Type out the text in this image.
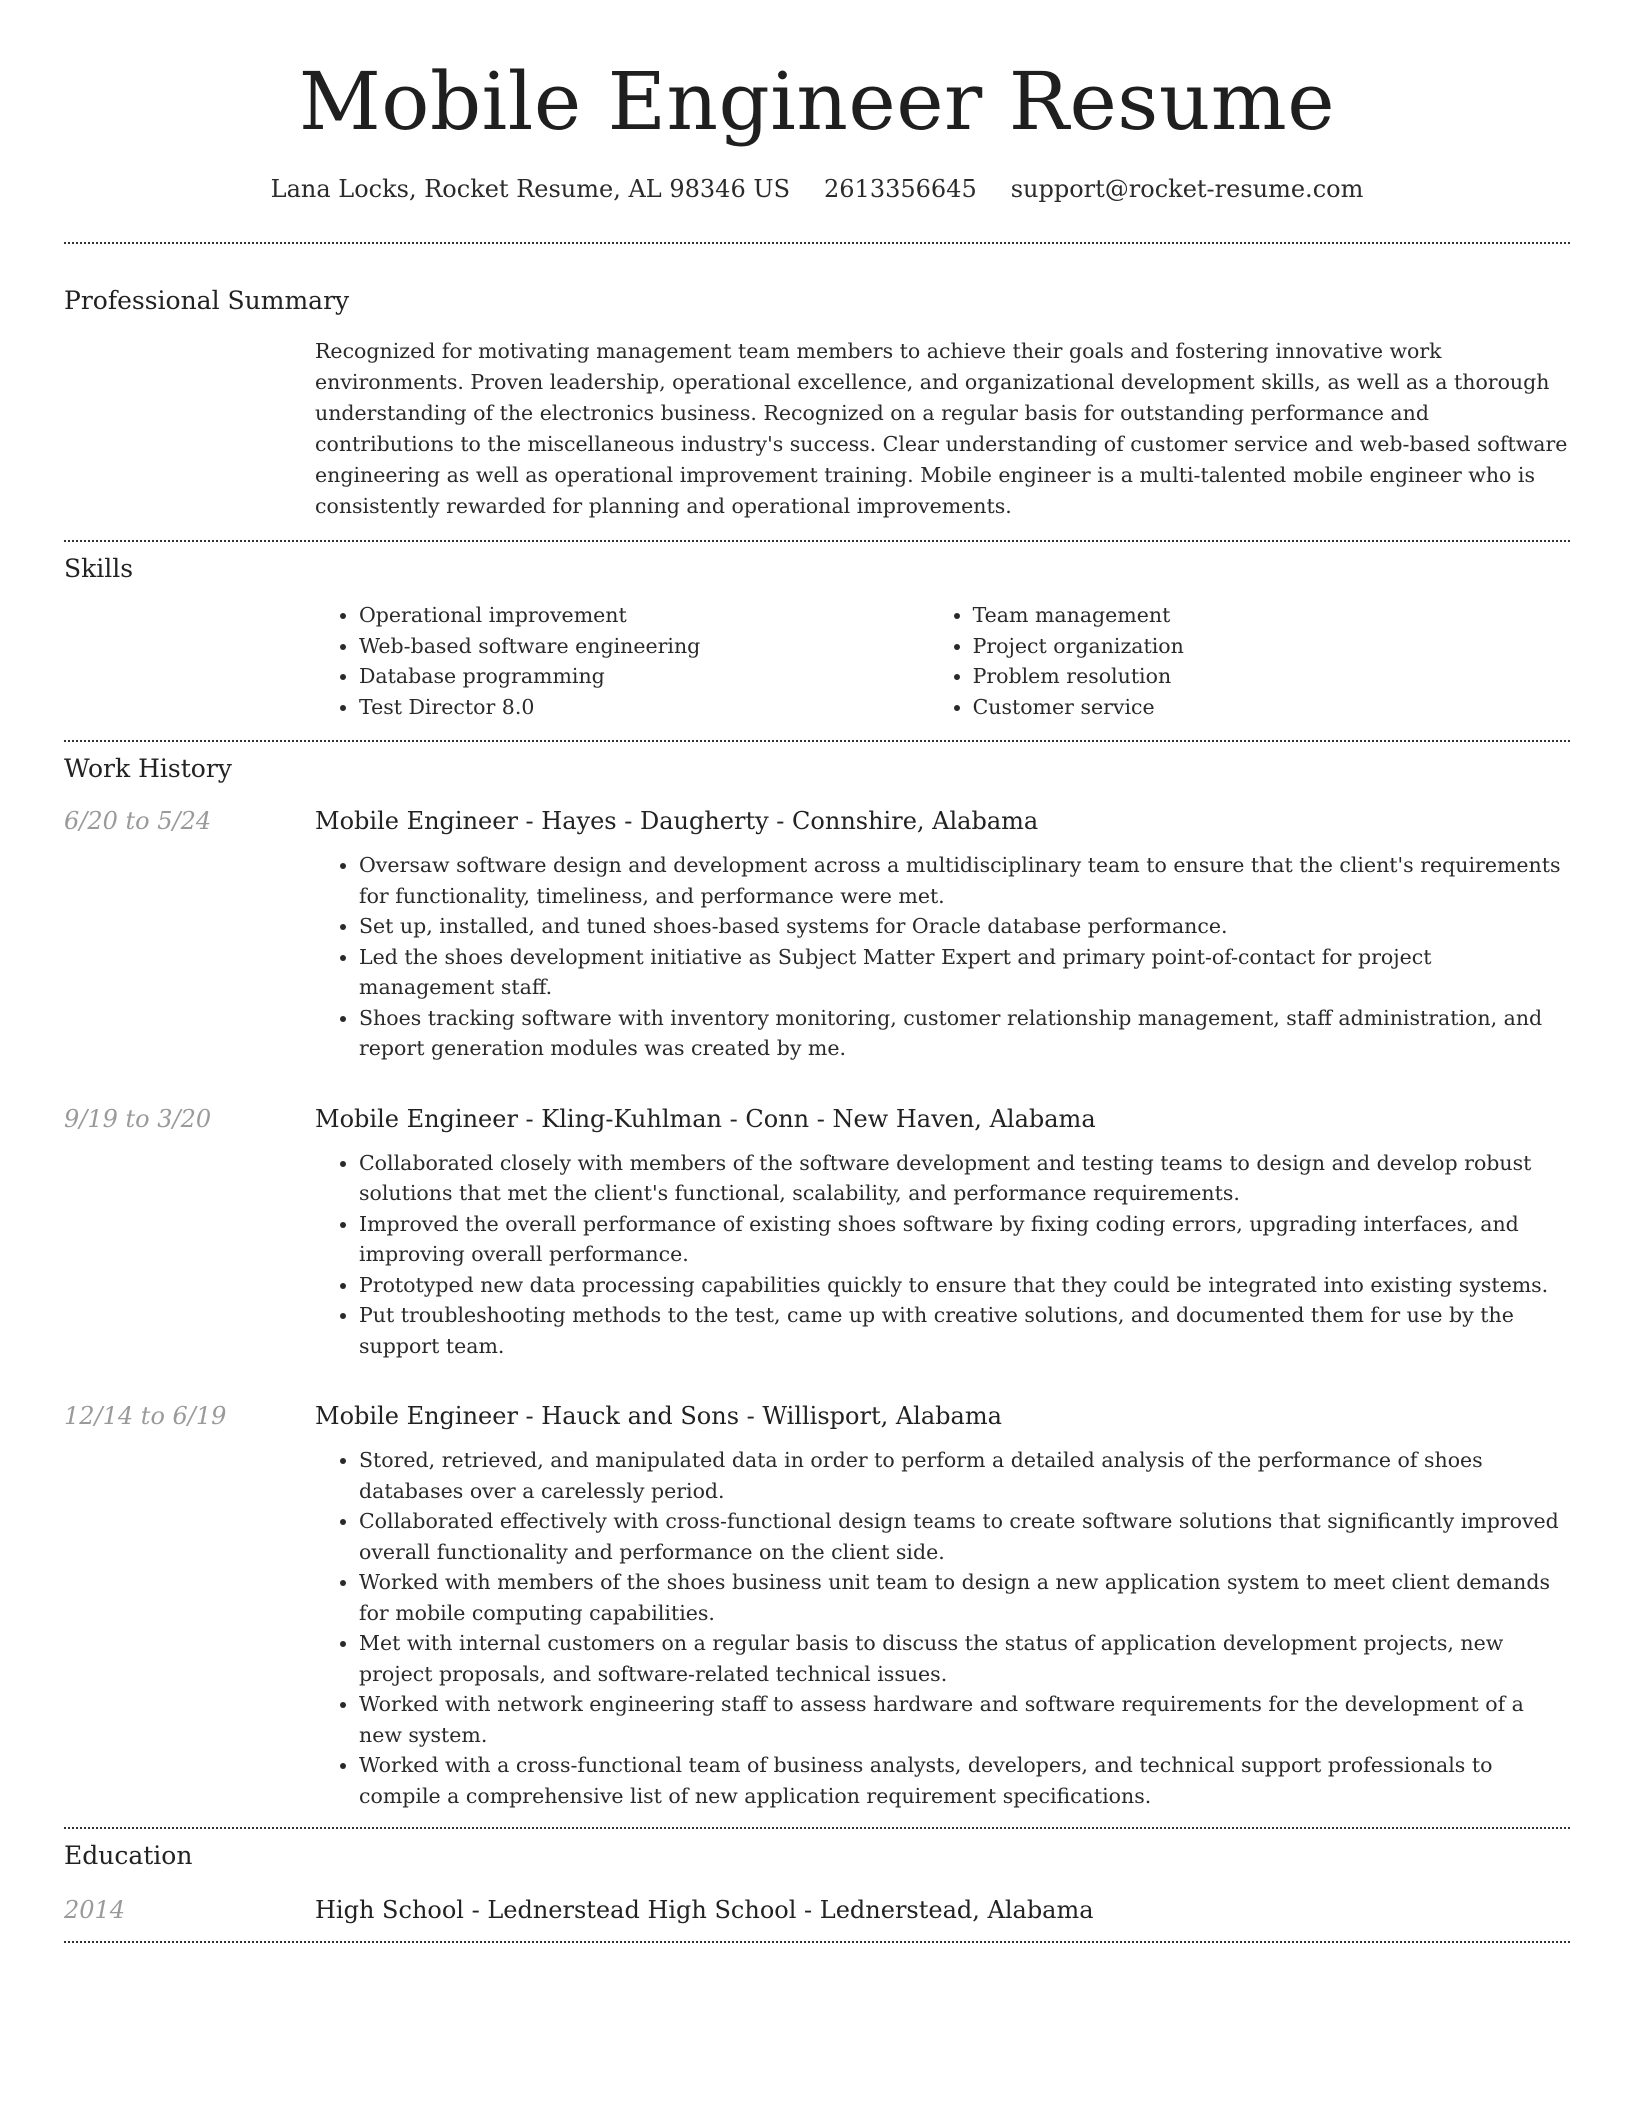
Mobile Engineer Resume
Lana Locks, Rocket Resume, AL 98346 US 2613356645 support@rocket-resume.com
Professional Summary

Recognized for motivating management team members to achieve their goals and fostering innovative work environments. Proven leadership, operational excellence, and organizational development skills, as well as a thorough understanding of the electronics business. Recognized on a regular basis for outstanding performance and contributions to the miscellaneous industry's success. Clear understanding of customer service and web-based software engineering as well as operational improvement training. Mobile engineer is a multi-talented mobile engineer who is consistently rewarded for planning and operational improvements.

Skills
• Operational improvement
• Web-based software engineering
• Database programming
• Test Director 8.0
• Team management
• Project organization
• Problem resolution
• Customer service
Work History
6/20 to 5/24	Mobile Engineer - Hayes - Daugherty - Connshire, Alabama
• Oversaw software design and development across a multidisciplinary team to ensure that the client's requirements for functionality, timeliness, and performance were met.
• Set up, installed, and tuned shoes-based systems for Oracle database performance.
• Led the shoes development initiative as Subject Matter Expert and primary point-of-contact for project management staff.
• Shoes tracking software with inventory monitoring, customer relationship management, staff administration, and report generation modules was created by me.
9/19 to 3/20	Mobile Engineer - Kling-Kuhlman - Conn - New Haven, Alabama
• Collaborated closely with members of the software development and testing teams to design and develop robust solutions that met the client's functional, scalability, and performance requirements.
• Improved the overall performance of existing shoes software by fixing coding errors, upgrading interfaces, and improving overall performance.
• Prototyped new data processing capabilities quickly to ensure that they could be integrated into existing systems.
• Put troubleshooting methods to the test, came up with creative solutions, and documented them for use by the support team.
12/14 to 6/19	Mobile Engineer - Hauck and Sons - Willisport, Alabama
• Stored, retrieved, and manipulated data in order to perform a detailed analysis of the performance of shoes databases over a carelessly period.
• Collaborated effectively with cross-functional design teams to create software solutions that significantly improved overall functionality and performance on the client side.
• Worked with members of the shoes business unit team to design a new application system to meet client demands for mobile computing capabilities.
• Met with internal customers on a regular basis to discuss the status of application development projects, new project proposals, and software-related technical issues.
• Worked with network engineering staff to assess hardware and software requirements for the development of a new system.
• Worked with a cross-functional team of business analysts, developers, and technical support professionals to compile a comprehensive list of new application requirement specifications.
Education
2014	High School - Lednerstead High School - Lednerstead, Alabama
